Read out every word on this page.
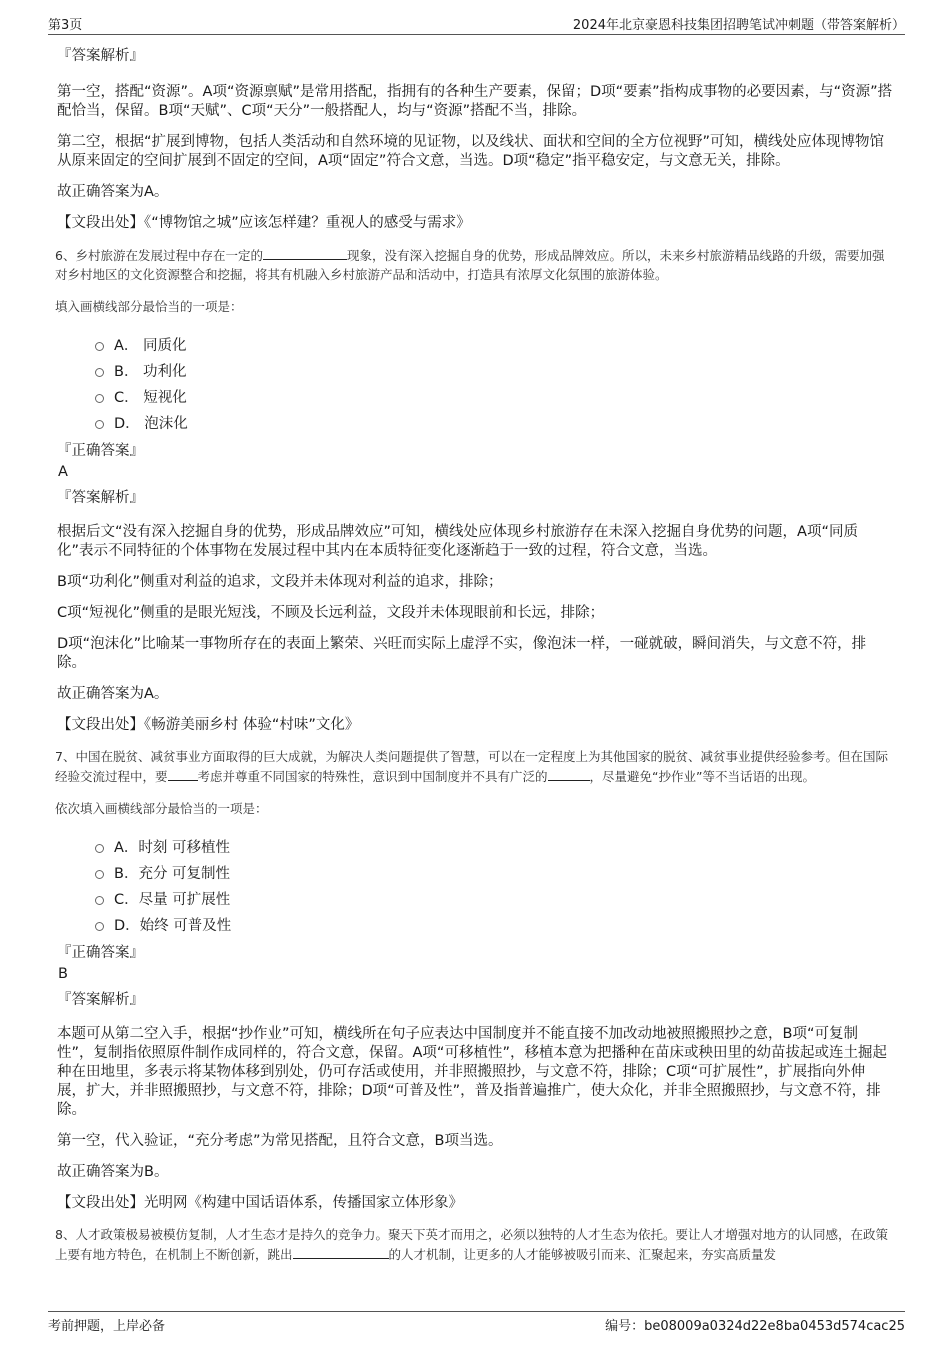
第3页	2024年北京豪恩科技集团招聘笔试冲刺题（带答案解析）
『答案解析』
第一空，搭配“资源”。A项“资源禀赋”是常用搭配，指拥有的各种生产要素，保留；D项“要素”指构成事物的必要因素，与“资源”搭配恰当，保留。B项“天赋”、C项“天分”一般搭配人，均与“资源”搭配不当，排除。
第二空，根据“扩展到博物，包括人类活动和自然环境的见证物，以及线状、面状和空间的全方位视野”可知，横线处应体现博物馆从原来固定的空间扩展到不固定的空间，A项“固定”符合文意，当选。D项“稳定”指平稳安定，与文意无关，排除。
故正确答案为A。
【文段出处】《“博物馆之城”应该怎样建？重视人的感受与需求》
6、乡村旅游在发展过程中存在一定的	现象，没有深入挖掘自身的优势，形成品牌效应。所以，未来乡村旅游精品线路的升级，需要加强对乡村地区的文化资源整合和挖掘，将其有机融入乡村旅游产品和活动中，打造具有浓厚文化氛围的旅游体验。
填入画横线部分最恰当的一项是：
A． 同质化
B． 功利化
C． 短视化
D． 泡沫化
『正确答案』
A
『答案解析』
根据后文“没有深入挖掘自身的优势，形成品牌效应”可知，横线处应体现乡村旅游存在未深入挖掘自身优势的问题，A项“同质化”表示不同特征的个体事物在发展过程中其内在本质特征变化逐渐趋于一致的过程，符合文意，当选。
B项“功利化”侧重对利益的追求，文段并未体现对利益的追求，排除；
C项“短视化”侧重的是眼光短浅，不顾及长远利益，文段并未体现眼前和长远，排除；
D项“泡沫化”比喻某一事物所存在的表面上繁荣、兴旺而实际上虚浮不实，像泡沫一样，一碰就破，瞬间消失，与文意不符，排除。
故正确答案为A。
【文段出处】《畅游美丽乡村 体验“村味”文化》
7、中国在脱贫、减贫事业方面取得的巨大成就，为解决人类问题提供了智慧，可以在一定程度上为其他国家的脱贫、减贫事业提供经验参考。但在国际经验交流过程中，要 考虑并尊重不同国家的特殊性，意识到中国制度并不具有广泛的	，尽量避免“抄作业”等不当话语的出现。
依次填入画横线部分最恰当的一项是：
A．时刻 可移植性
B．充分 可复制性
C．尽量 可扩展性
D．始终 可普及性
『正确答案』
B
『答案解析』
本题可从第二空入手，根据“抄作业”可知，横线所在句子应表达中国制度并不能直接不加改动地被照搬照抄之意，B项“可复制性”，复制指依照原件制作成同样的，符合文意，保留。A项“可移植性”，移植本意为把播种在苗床或秧田里的幼苗拔起或连土掘起种在田地里，多表示将某物体移到别处，仍可存活或使用，并非照搬照抄，与文意不符，排除；C项“可扩展性”，扩展指向外伸展，扩大，并非照搬照抄，与文意不符，排除；D项“可普及性”，普及指普遍推广，使大众化，并非全照搬照抄，与文意不符，排除。
第一空，代入验证，“充分考虑”为常见搭配，且符合文意，B项当选。
故正确答案为B。
【文段出处】光明网《构建中国话语体系，传播国家立体形象》
8、人才政策极易被模仿复制，人才生态才是持久的竞争力。聚天下英才而用之，必须以独特的人才生态为依托。要让人才增强对地方的认同感，在政策上要有地方特色，在机制上不断创新，跳出	的人才机制，让更多的人才能够被吸引而来、汇聚起来，夯实高质量发
考前押题，上岸必备	编号：be08009a0324d22e8ba0453d574cac25
